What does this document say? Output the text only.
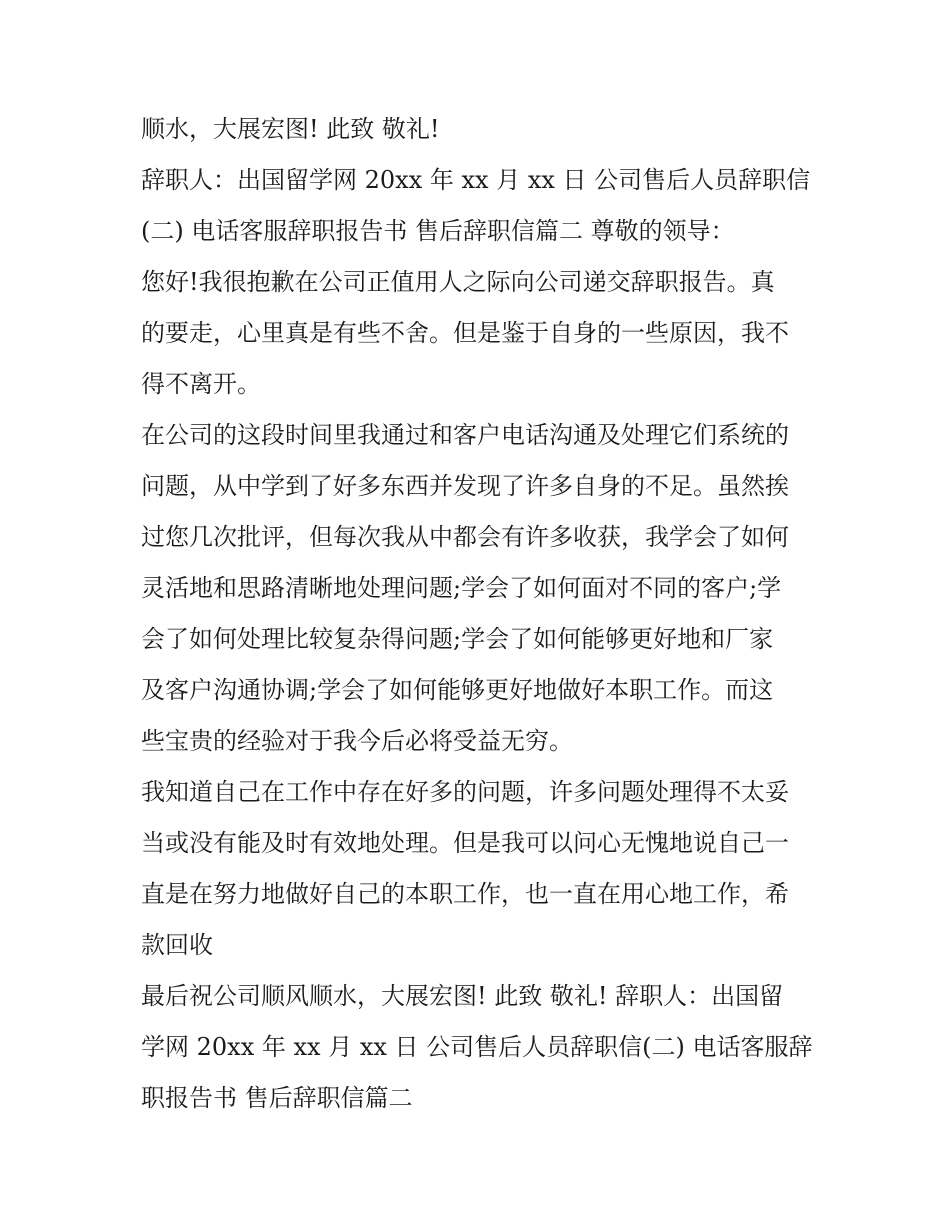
顺水，大展宏图! 此致 敬礼!
辞职人：出国留学网 20xx 年 xx 月 xx 日 公司售后人员辞职信
(二) 电话客服辞职报告书 售后辞职信篇二 尊敬的领导：
您好!我很抱歉在公司正值用人之际向公司递交辞职报告。真
的要走，心里真是有些不舍。但是鉴于自身的一些原因，我不
得不离开。
在公司的这段时间里我通过和客户电话沟通及处理它们系统的
问题，从中学到了好多东西并发现了许多自身的不足。虽然挨
过您几次批评，但每次我从中都会有许多收获，我学会了如何
灵活地和思路清晰地处理问题;学会了如何面对不同的客户;学
会了如何处理比较复杂得问题;学会了如何能够更好地和厂家
及客户沟通协调;学会了如何能够更好地做好本职工作。而这
些宝贵的经验对于我今后必将受益无穷。
我知道自己在工作中存在好多的问题，许多问题处理得不太妥
当或没有能及时有效地处理。但是我可以问心无愧地说自己一
直是在努力地做好自己的本职工作，也一直在用心地工作，希
款回收
最后祝公司顺风顺水，大展宏图! 此致 敬礼! 辞职人：出国留
学网 20xx 年 xx 月 xx 日 公司售后人员辞职信(二) 电话客服辞
职报告书 售后辞职信篇二
